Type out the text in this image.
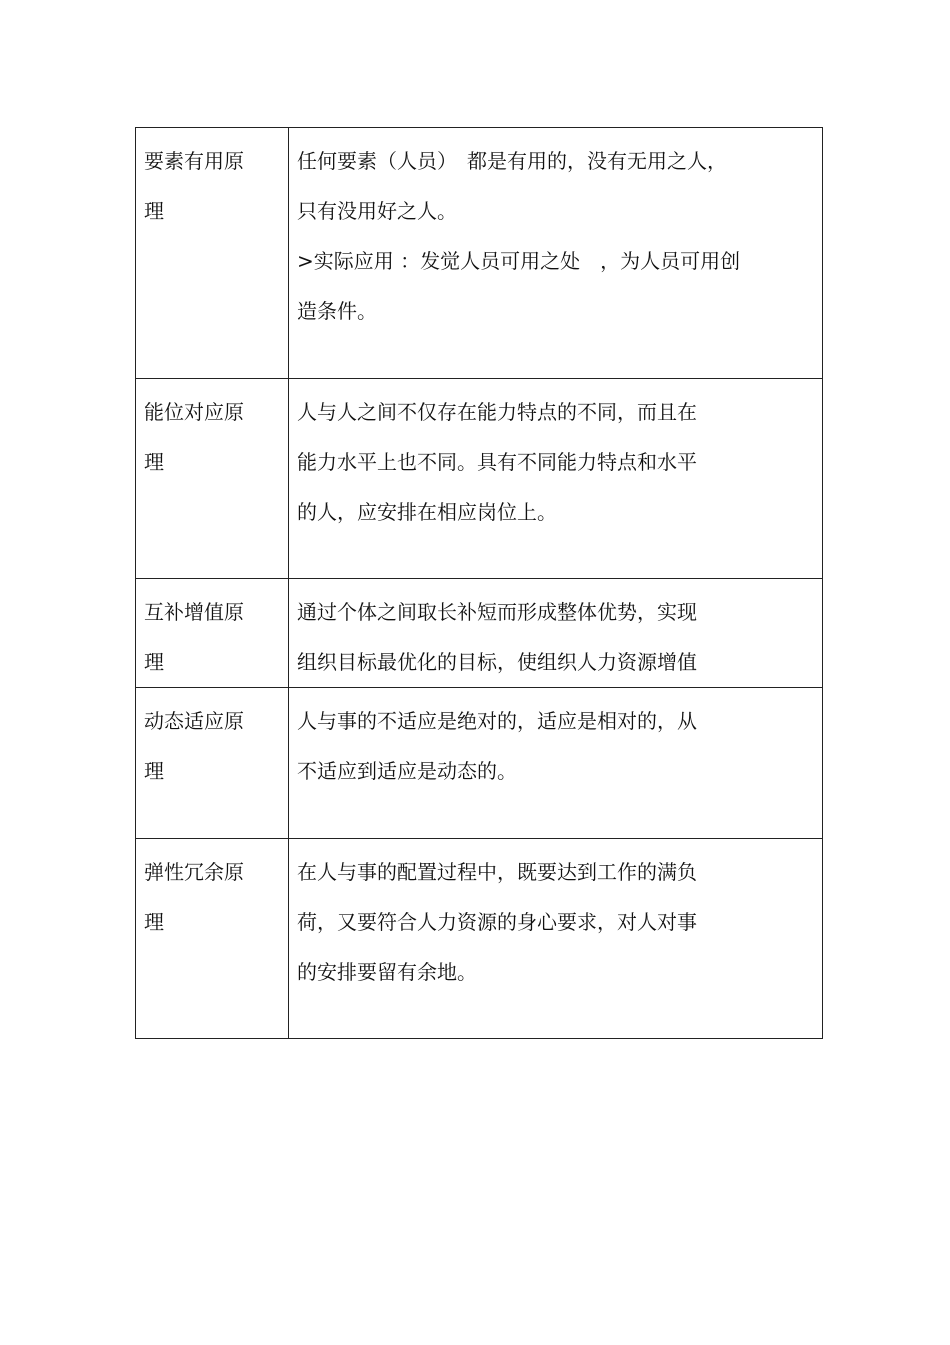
要素有用原
理	任何要素（人员）　都是有用的，没有无用之人，
只有没用好之人。
>实际应用 ：发觉人员可用之处　，为人员可用创
造条件。

能位对应原
理	人与人之间不仅存在能力特点的不同，而且在
能力水平上也不同。具有不同能力特点和水平
的人，应安排在相应岗位上。

互补增值原
理	通过个体之间取长补短而形成整体优势，实现
组织目标最优化的目标，使组织人力资源增值

动态适应原
理	人与事的不适应是绝对的，适应是相对的，从
不适应到适应是动态的。

弹性冗余原
理	在人与事的配置过程中，既要达到工作的满负
荷，又要符合人力资源的身心要求，对人对事
的安排要留有余地。
